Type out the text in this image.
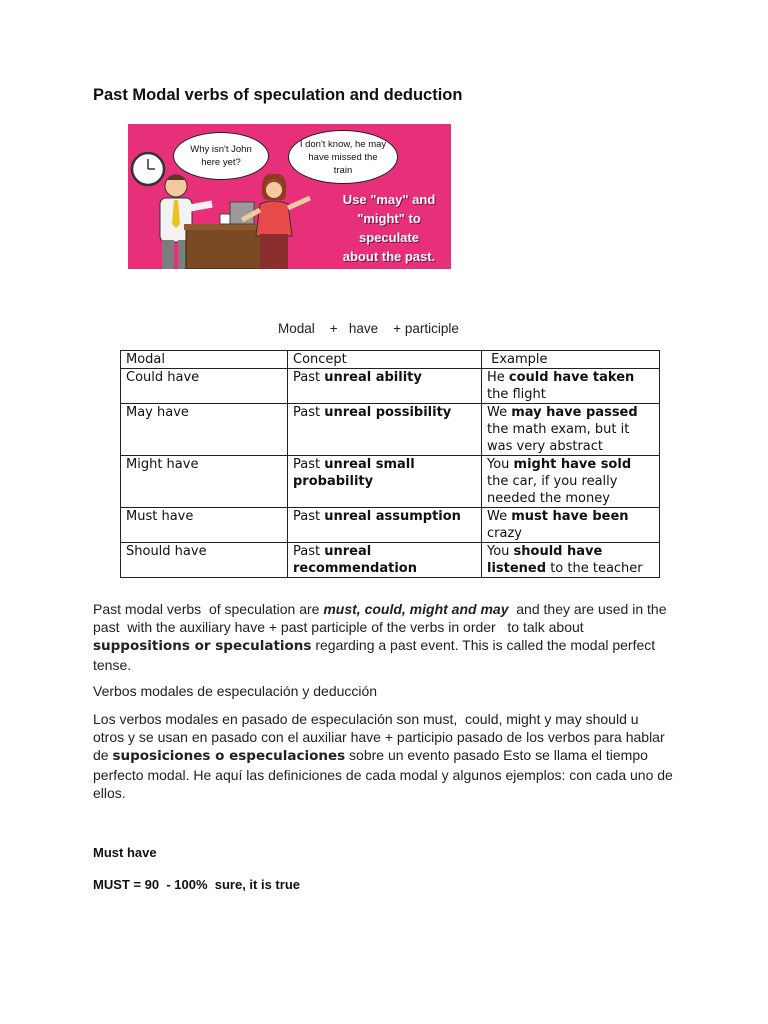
Past Modal verbs of speculation and deduction
Why isn't John here yet?
I don't know, he may have missed the train
Use "may" and
"might" to
speculate
about the past.
Modal    +   have    + participle
Modal	Concept	Example
Could have	Past unreal ability	He could have taken the flight
May have	Past unreal possibility	We may have passed the math exam, but it was very abstract
Might have	Past unreal small probability	You might have sold the car, if you really needed the money
Must have	Past unreal assumption	We must have been crazy
Should have	Past unreal recommendation	You should have listened to the teacher

Past modal verbs  of speculation are must, could, might and may  and they are used in the past  with the auxiliary have + past participle of the verbs in order   to talk about suppositions or speculations regarding a past event. This is called the modal perfect tense.

Verbos modales de especulación y deducción

Los verbos modales en pasado de especulación son must,  could, might y may should u otros y se usan en pasado con el auxiliar have + participio pasado de los verbos para hablar de suposiciones o especulaciones sobre un evento pasado Esto se llama el tiempo perfecto modal. He aquí las definiciones de cada modal y algunos ejemplos: con cada uno de ellos.

Must have

MUST = 90  - 100%  sure, it is true
